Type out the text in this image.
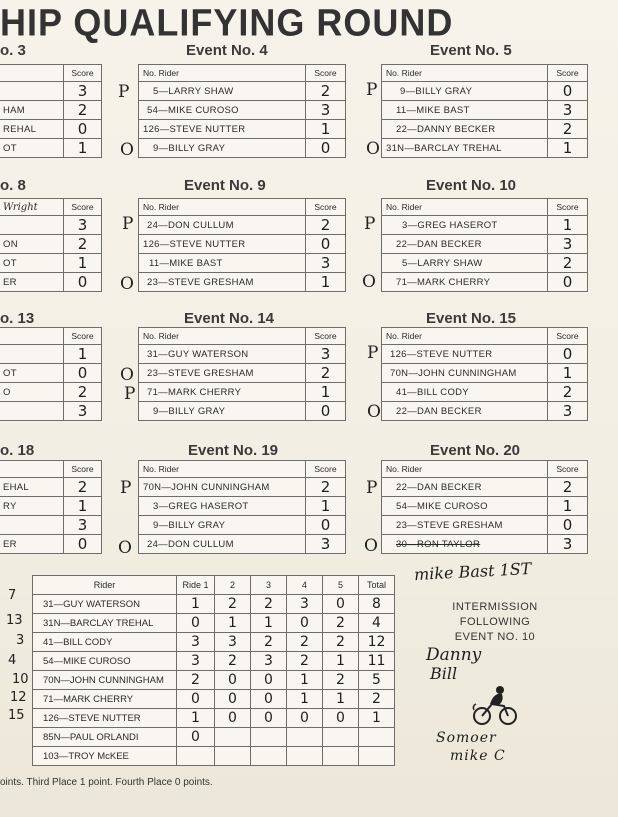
HIP QUALIFYING ROUND
o. 3
	Score
	3
HAM	2
REHAL	0
OT	1
Event No. 4
No. Rider	Score
5—LARRY SHAW	2
54—MIKE CUROSO	3
126—STEVE NUTTER	1
9—BILLY GRAY	0
P
O
Event No. 5
No. Rider	Score
9—BILLY GRAY	0
11—MIKE BAST	3
22—DANNY BECKER	2
31N—BARCLAY TREHAL	1
P
O
o. 8
Wright	Score
	3
ON	2
OT	1
ER	0
Event No. 9
No. Rider	Score
24—DON CULLUM	2
126—STEVE NUTTER	0
11—MIKE BAST	3
23—STEVE GRESHAM	1
P
O
Event No. 10
No. Rider	Score
3—GREG HASEROT	1
22—DAN BECKER	3
5—LARRY SHAW	2
71—MARK CHERRY	0
P
O
o. 13
	Score
	1
OT	0
O	2
	3
Event No. 14
No. Rider	Score
31—GUY WATERSON	3
23—STEVE GRESHAM	2
71—MARK CHERRY	1
9—BILLY GRAY	0
O
P
Event No. 15
No. Rider	Score
126—STEVE NUTTER	0
70N—JOHN CUNNINGHAM	1
41—BILL CODY	2
22—DAN BECKER	3
P
O
o. 18
	Score
EHAL	2
RY	1
	3
ER	0
Event No. 19
No. Rider	Score
70N—JOHN CUNNINGHAM	2
3—GREG HASEROT	1
9—BILLY GRAY	0
24—DON CULLUM	3
P
O
Event No. 20
No. Rider	Score
22—DAN BECKER	2
54—MIKE CUROSO	1
23—STEVE GRESHAM	0
30—RON TAYLOR	3
P
O
mike Bast 1ST
Rider	Ride 1	2	3	4	5	Total
31—GUY WATERSON	1	2	2	3	0	8
31N—BARCLAY TREHAL	0	1	1	0	2	4
41—BILL CODY	3	3	2	2	2	12
54—MIKE CUROSO	3	2	3	2	1	11
70N—JOHN CUNNINGHAM	2	0	0	1	2	5
71—MARK CHERRY	0	0	0	1	1	2
126—STEVE NUTTER	1	0	0	0	0	1
85N—PAUL ORLANDI	0					
103—TROY McKEE						
7
13
3
4
10
12
15
INTERMISSION
FOLLOWING
EVENT NO. 10
Danny
Bill
Somoer
mike C
oints. Third Place 1 point. Fourth Place 0 points.
